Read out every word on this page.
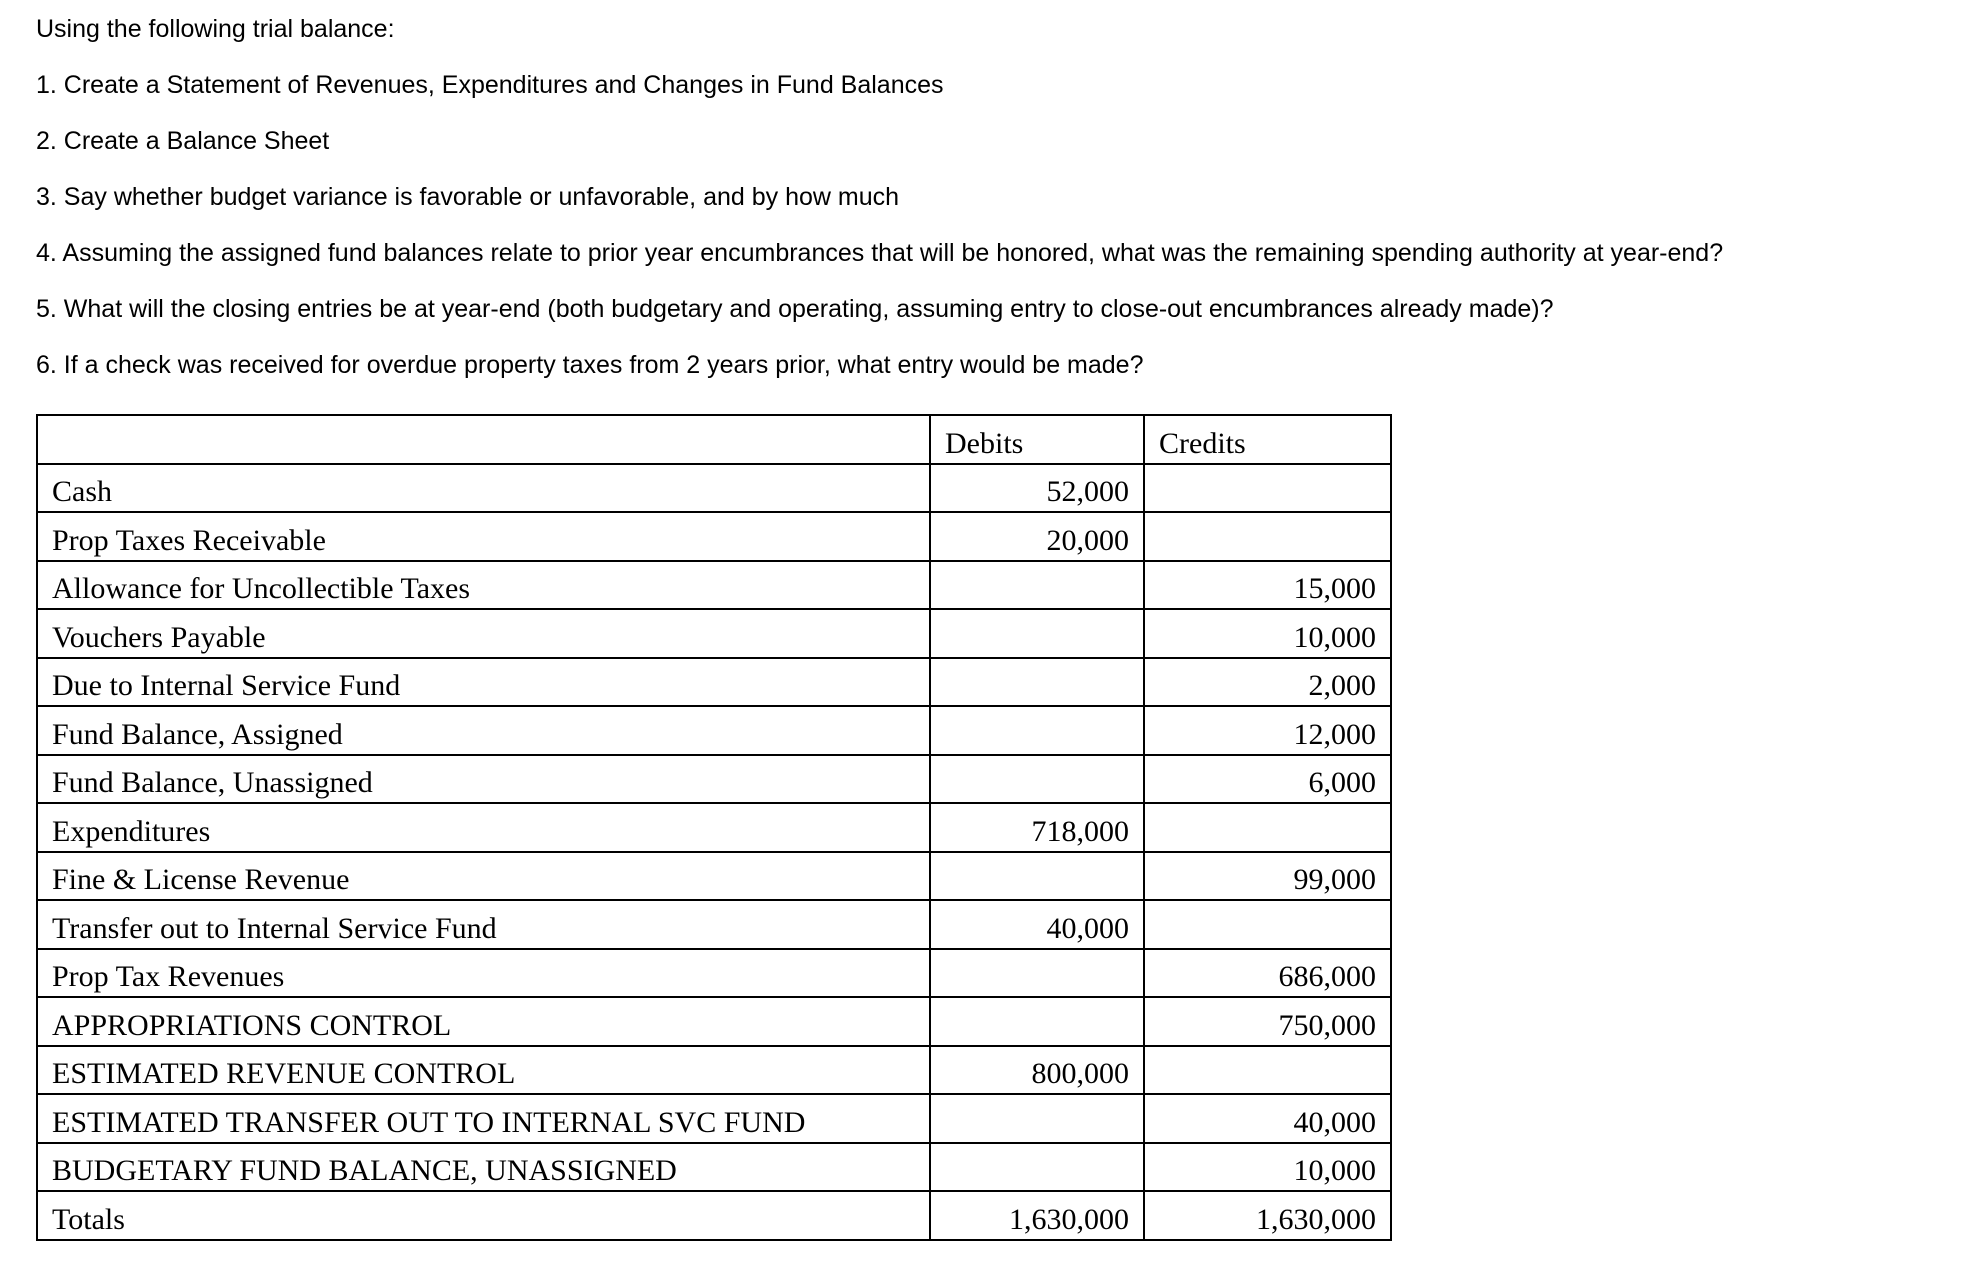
Using the following trial balance:
1. Create a Statement of Revenues, Expenditures and Changes in Fund Balances
2. Create a Balance Sheet
3. Say whether budget variance is favorable or unfavorable, and by how much
4. Assuming the assigned fund balances relate to prior year encumbrances that will be honored, what was the remaining spending authority at year-end?
5. What will the closing entries be at year-end (both budgetary and operating, assuming entry to close-out encumbrances already made)?
6. If a check was received for overdue property taxes from 2 years prior, what entry would be made?
	Debits	Credits
Cash	52,000	
Prop Taxes Receivable	20,000	
Allowance for Uncollectible Taxes		15,000
Vouchers Payable		10,000
Due to Internal Service Fund		2,000
Fund Balance, Assigned		12,000
Fund Balance, Unassigned		6,000
Expenditures	718,000	
Fine & License Revenue		99,000
Transfer out to Internal Service Fund	40,000	
Prop Tax Revenues		686,000
APPROPRIATIONS CONTROL		750,000
ESTIMATED REVENUE CONTROL	800,000	
ESTIMATED TRANSFER OUT TO INTERNAL SVC FUND		40,000
BUDGETARY FUND BALANCE, UNASSIGNED		10,000
Totals	1,630,000	1,630,000
